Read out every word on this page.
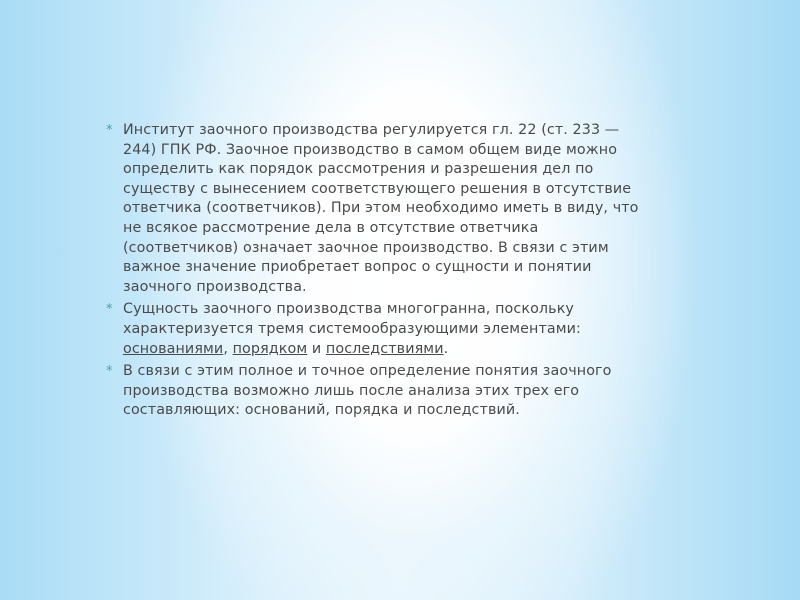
* Институт заочного производства регулируется гл. 22 (ст. 233 —244) ГПК РФ. Заочное производство в самом общем виде можно определить как порядок рассмотрения и разрешения дел по существу с вынесением соответствующего решения в отсутствие ответчика (соответчиков). При этом необходимо иметь в виду, что не всякое рассмотрение дела в отсутствие ответчика (соответчиков) означает заочное производство. В связи с этим важное значение приобретает вопрос о сущности и понятии заочного производства.
* Сущность заочного производства многогранна, поскольку характеризуется тремя системообразующими элементами: основаниями, порядком и последствиями.
* В связи с этим полное и точное определение понятия заочного производства возможно лишь после анализа этих трех его составляющих: оснований, порядка и последствий.
